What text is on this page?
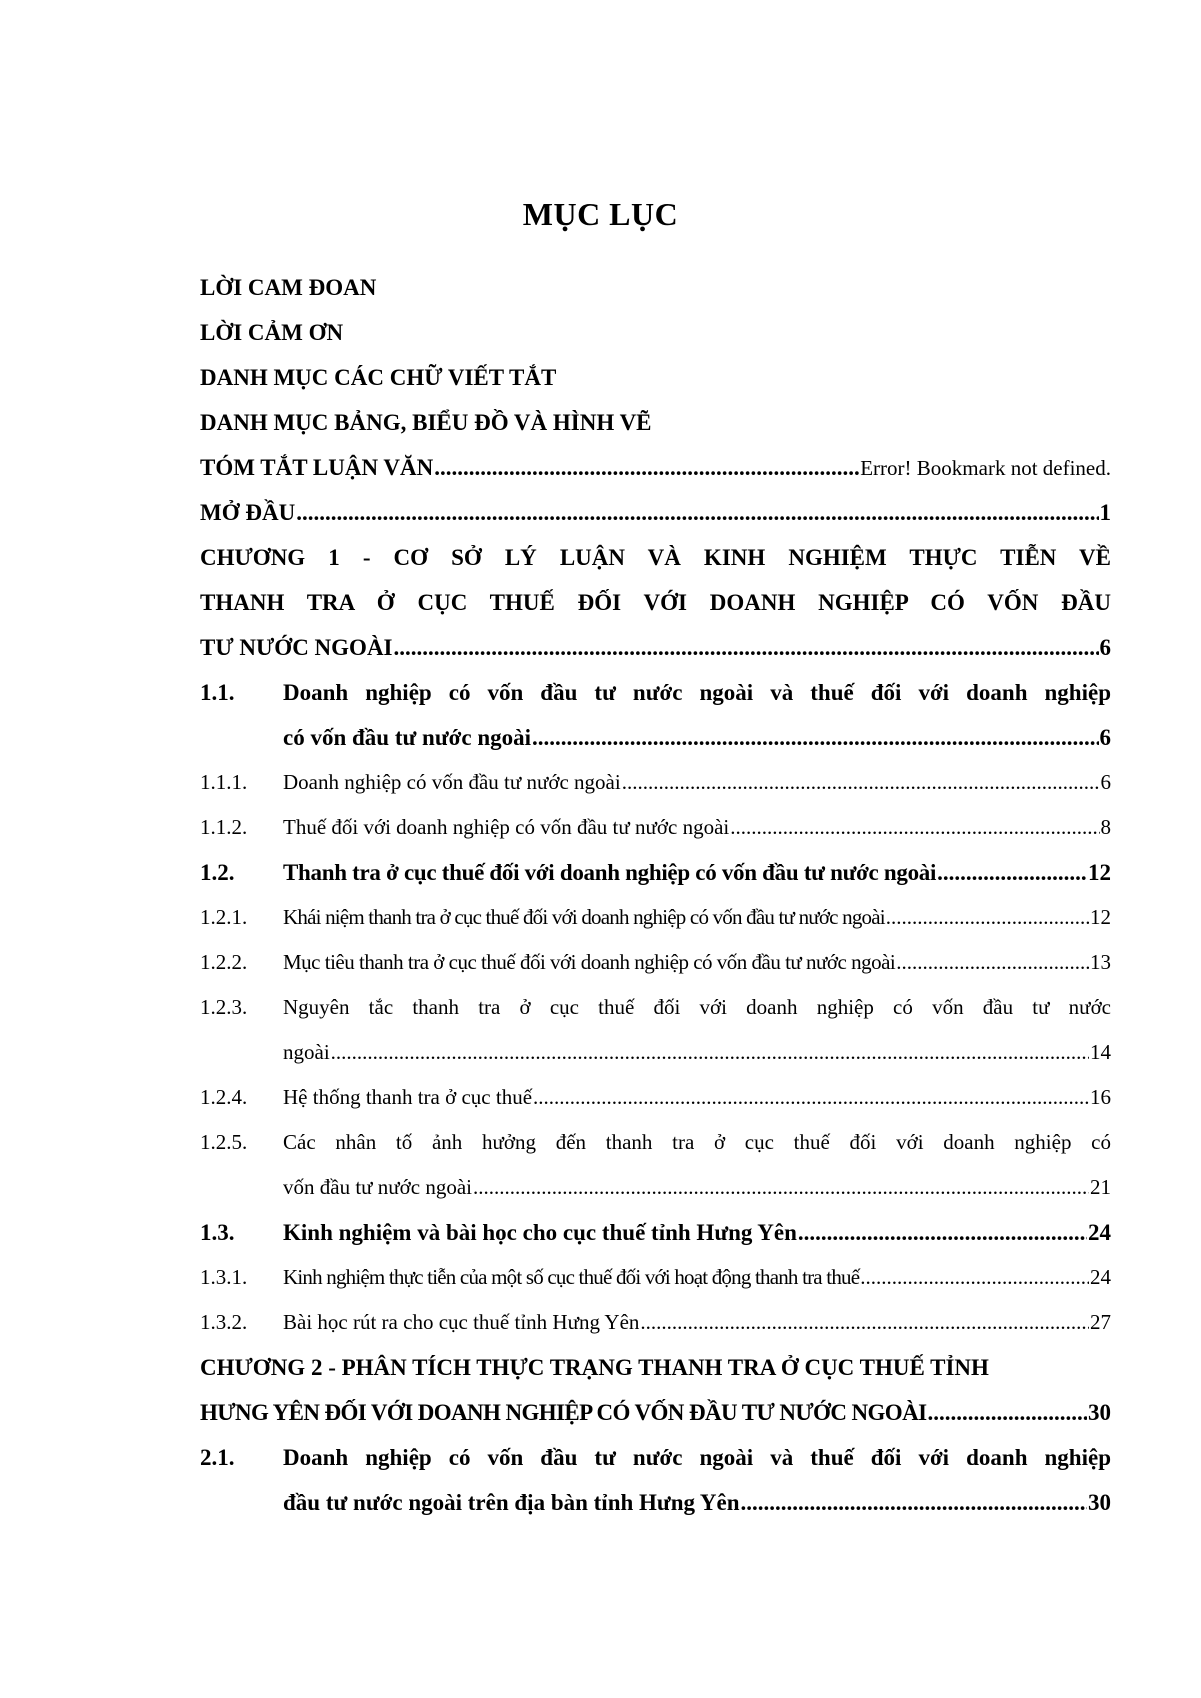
MỤC LỤC
LỜI CAM ĐOAN
LỜI CẢM ƠN
DANH MỤC CÁC CHỮ VIẾT TẮT
DANH MỤC BẢNG, BIỂU ĐỒ VÀ HÌNH VẼ
TÓM TẮT LUẬN VĂN .....	Error! Bookmark not defined.
MỞ ĐẦU .....	1
CHƯƠNG 1 - CƠ SỞ LÝ LUẬN VÀ KINH NGHIỆM THỰC TIỄN VỀ
THANH TRA Ở CỤC THUẾ ĐỐI VỚI DOANH NGHIỆP CÓ VỐN ĐẦU
TƯ NƯỚC NGOÀI .....	6
1.1.	Doanh nghiệp có vốn đầu tư nước ngoài và thuế đối với doanh nghiệp
có vốn đầu tư nước ngoài .....	6
1.1.1.	Doanh nghiệp có vốn đầu tư nước ngoài .....	6
1.1.2.	Thuế đối với doanh nghiệp có vốn đầu tư nước ngoài .....	8
1.2.	Thanh tra ở cục thuế đối với doanh nghiệp có vốn đầu tư nước ngoài .....	12
1.2.1.	Khái niệm thanh tra ở cục thuế đối với doanh nghiệp có vốn đầu tư nước ngoài .....	12
1.2.2.	Mục tiêu thanh tra ở cục thuế đối với doanh nghiệp có vốn đầu tư nước ngoài .....	13
1.2.3.	Nguyên tắc thanh tra ở cục thuế đối với doanh nghiệp có vốn đầu tư nước
ngoài .....	14
1.2.4.	Hệ thống thanh tra ở cục thuế .....	16
1.2.5.	Các nhân tố ảnh hưởng đến thanh tra ở cục thuế đối với doanh nghiệp có
vốn đầu tư nước ngoài .....	21
1.3.	Kinh nghiệm và bài học cho cục thuế tỉnh Hưng Yên .....	24
1.3.1.	Kinh nghiệm thực tiễn của một số cục thuế đối với hoạt động thanh tra thuế .....	24
1.3.2.	Bài học rút ra cho cục thuế tỉnh Hưng Yên .....	27
CHƯƠNG 2 - PHÂN TÍCH THỰC TRẠNG THANH TRA Ở CỤC THUẾ TỈNH
HƯNG YÊN ĐỐI VỚI DOANH NGHIỆP CÓ VỐN ĐẦU TƯ NƯỚC NGOÀI .....	30
2.1.	Doanh nghiệp có vốn đầu tư nước ngoài và thuế đối với doanh nghiệp
đầu tư nước ngoài trên địa bàn tỉnh Hưng Yên .....	30
